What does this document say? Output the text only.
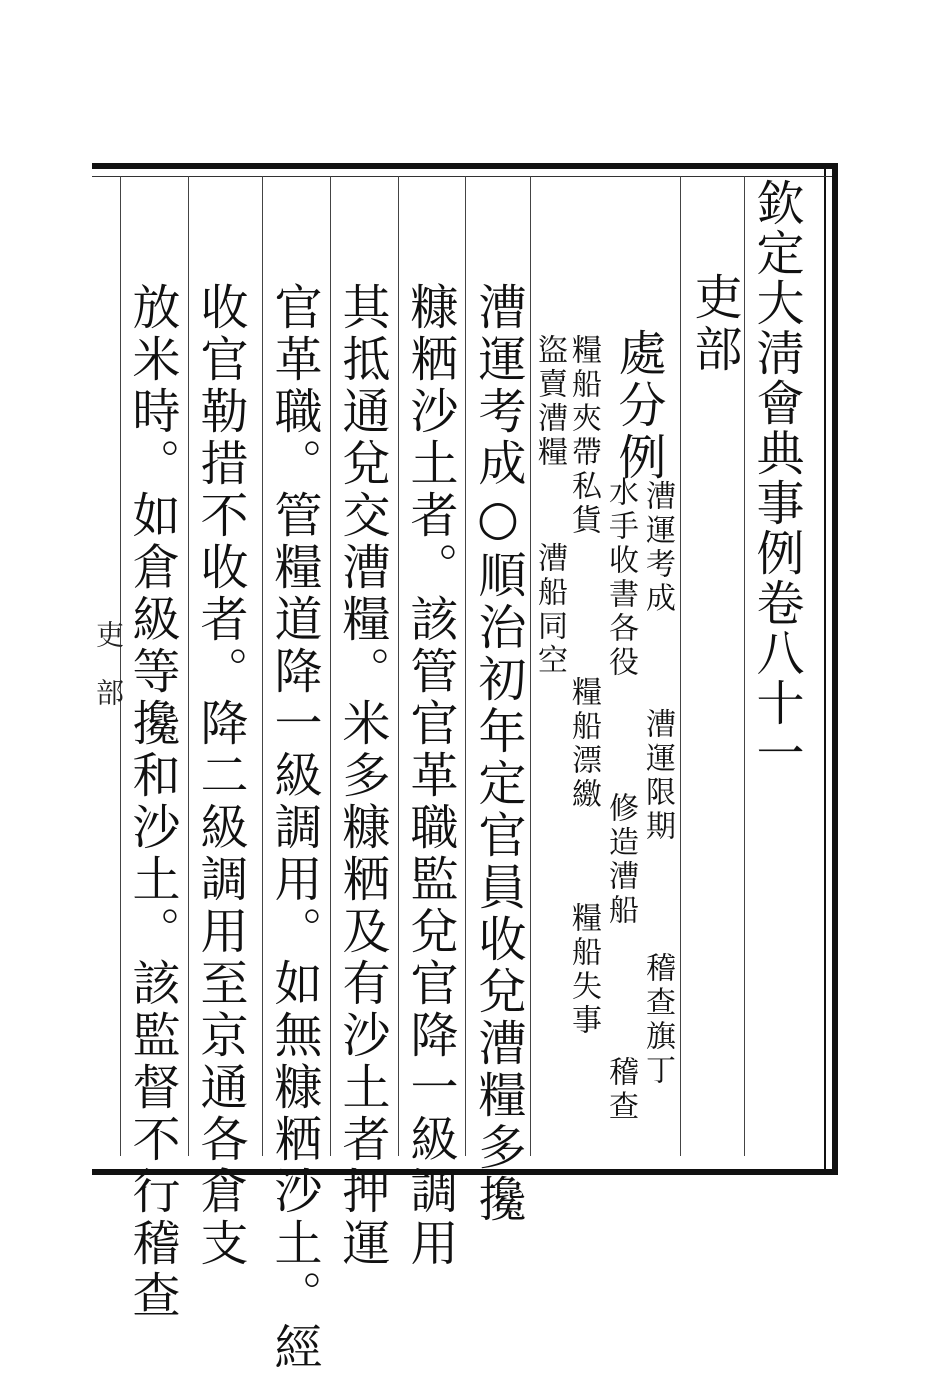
欽定大淸會典事例卷八十一
吏部
處分例
漕運考成
漕運限期
稽查旗丁
水手收書各役
修造漕船
稽查
糧船夾帶私貨
糧船漂繳
糧船失事
盜賣漕糧
漕船同空
漕運考成○順治初年定官員收兌漕糧多攙
糠粞沙土者。該管官革職監兌官降一級調用
其抵通兌交漕糧。米多糠粞及有沙土者押運
官革職。管糧道降一級調用。如無糠粞沙土。經
收官勒措不收者。降二級調用至京通各倉支
放米時。如倉級等攙和沙土。該監督不行稽查
吏部
